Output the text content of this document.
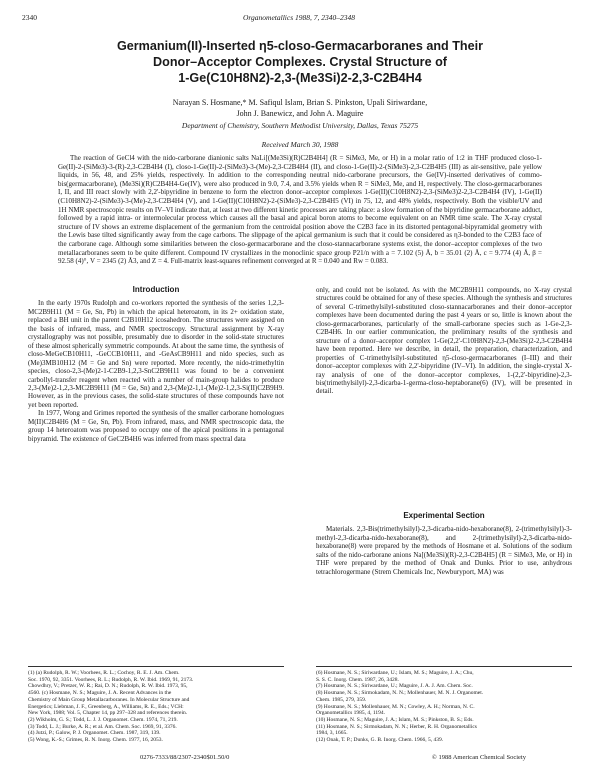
2340	Organometallics 1988, 7, 2340–2348
Germanium(II)-Inserted η5-closo-Germacarboranes and Their
Donor–Acceptor Complexes. Crystal Structure of
1-Ge(C10H8N2)-2,3-(Me3Si)2-2,3-C2B4H4
Narayan S. Hosmane,* M. Safiqul Islam, Brian S. Pinkston, Upali Siriwardane,
John J. Banewicz, and John A. Maguire
Department of Chemistry, Southern Methodist University, Dallas, Texas 75275
Received March 30, 1988
The reaction of GeCl4 with the nido-carborane dianionic salts NaLi[(Me3Si)(R)C2B4H4] (R = SiMe3, Me, or H) in a molar ratio of 1:2 in THF produced closo-1-Ge(II)-2-(SiMe3)-3-(R)-2,3-C2B4H4 (I), closo-1-Ge(II)-2-(SiMe3)-3-(Me)-2,3-C2B4H4 (II), and closo-1-Ge(II)-2-(SiMe3)-2,3-C2B4H5 (III) as air-sensitive, pale yellow liquids, in 56, 48, and 25% yields, respectively. In addition to the corresponding neutral nido-carborane precursors, the Ge(IV)-inserted derivatives of commo-bis(germacarborane), (Me3Si)(R)C2B4H4-Ge(IV), were also produced in 9.0, 7.4, and 3.5% yields when R = SiMe3, Me, and H, respectively. The closo-germacarboranes I, II, and III react slowly with 2,2'-bipyridine in benzene to form the electron donor–acceptor complexes 1-Ge(II)(C10H8N2)-2,3-(SiMe3)2-2,3-C2B4H4 (IV), 1-Ge(II)(C10H8N2)-2-(SiMe3)-3-(Me)-2,3-C2B4H4 (V), and 1-Ge(II)(C10H8N2)-2-(SiMe3)-2,3-C2B4H5 (VI) in 75, 12, and 48% yields, respectively. Both the visible/UV and 1H NMR spectroscopic results on IV–VI indicate that, at least at two different kinetic processes are taking place: a slow formation of the bipyridine germacarborane adduct, followed by a rapid intra- or intermolecular process which causes all the basal and apical boron atoms to become equivalent on an NMR time scale. The X-ray crystal structure of IV shows an extreme displacement of the germanium from the centroidal position above the C2B3 face in its distorted pentagonal-bipyramidal geometry with the Lewis base tilted significantly away from the cage carbons. The slippage of the apical germanium is such that it could be considered as η3-bonded to the C2B3 face of the carborane cage. Although some similarities between the closo-germacarborane and the closo-stannacarborane systems exist, the donor–acceptor complexes of the two metallacarboranes seem to be quite different. Compound IV crystallizes in the monoclinic space group P21/n with a = 7.102 (5) Å, b = 35.01 (2) Å, c = 9.774 (4) Å, β = 92.58 (4)°, V = 2345 (2) Å3, and Z = 4. Full-matrix least-squares refinement converged at R = 0.040 and Rw = 0.083.
Introduction

In the early 1970s Rudolph and co-workers reported the synthesis of the series 1,2,3-MC2B9H11 (M = Ge, Sn, Pb) in which the apical heteroatom, in its 2+ oxidation state, replaced a BH unit in the parent C2B10H12 icosahedron. The structures were assigned on the basis of infrared, mass, and NMR spectroscopy. Structural assignment by X-ray crystallography was not possible, presumably due to disorder in the solid-state structures of these almost spherically symmetric compounds. At about the same time, the synthesis of closo-MeGeCB10H11, -GeCCB10H11, and -GeAsCB9H11 and nido species, such as (Me)3MB10H12 (M = Ge and Sn) were reported. More recently, the nido-trimethyltin species, closo-2,3-(Me)2-1-C2B9-1,2,3-SnC2B9H11 was found to be a convenient carbollyl-transfer reagent when reacted with a number of main-group halides to produce 2,3-(Me)2-1,2,3-MC2B9H11 (M = Ge, Sn) and 2,3-(Me)2-1,1-(Me)2-1,2,3-Si(II)C2B9H9. However, as in the previous cases, the solid-state structures of these compounds have not yet been reported.

In 1977, Wong and Grimes reported the synthesis of the smaller carborane homologues M(II)C2B4H6 (M = Ge, Sn, Pb). From infrared, mass, and NMR spectroscopic data, the group 14 heteroatom was proposed to occupy one of the apical positions in a pentagonal bipyramid. The existence of GeC2B4H6 was inferred from mass spectral data

only, and could not be isolated. As with the MC2B9H11 compounds, no X-ray crystal structures could be obtained for any of these species. Although the synthesis and structures of several C-trimethylsilyl-substituted closo-stannacarboranes and their donor–acceptor complexes have been documented during the past 4 years or so, little is known about the closo-germacarboranes, particularly of the small-carborane species such as 1-Ge-2,3-C2B4H6. In our earlier communication, the preliminary results of the synthesis and structure of a donor–acceptor complex 1-Ge(2,2'-C10H8N2)-2,3-(Me3Si)2-2,3-C2B4H4 have been reported. Here we describe, in detail, the preparation, characterization, and properties of C-trimethylsilyl-substituted η5-closo-germacarboranes (I–III) and their donor–acceptor complexes with 2,2'-bipyridine (IV–VI). In addition, the single-crystal X-ray analysis of one of the donor–acceptor complexes, 1-(2,2'-bipyridine)-2,3-bis(trimethylsilyl)-2,3-dicarba-1-germa-closo-heptaborane(6) (IV), will be presented in detail.

Experimental Section

Materials. 2,3-Bis(trimethylsilyl)-2,3-dicarba-nido-hexaborane(8), 2-(trimethylsilyl)-3-methyl-2,3-dicarba-nido-hexaborane(8), and 2-(trimethylsilyl)-2,3-dicarba-nido-hexaborane(8) were prepared by the methods of Hosmane et al. Solutions of the sodium salts of the nido-carborane anions Na[(Me3Si)(R)-2,3-C2B4H5] (R = SiMe3, Me, or H) in THF were prepared by the method of Onak and Dunks. Prior to use, anhydrous tetrachlorogermane (Strem Chemicals Inc, Newburyport, MA) was

(1) (a) Rudolph, R. W.; Voorhees, R. L.; Cochoy, R. E. J. Am. Chem.
Soc. 1970, 92, 3351. Voorhees, R. L.; Rudolph, R. W. Ibid. 1969, 91, 2173.
Chowdhry, V.; Pretzer, W. R.; Rai, D. N.; Rudolph, R. W. Ibid. 1973, 95,
4560. (c) Hosmane, N. S.; Maguire, J. A. Recent Advances in the
Chemistry of Main Group Metallacarboranes. In Molecular Structure and
Energetics; Liebman, J. F., Greenberg, A., Williams, R. E., Eds.; VCH:
New York, 1988; Vol. 5, Chapter 14, pp 297–328 and references therein.
(2) Wikholm, G. S.; Todd, L. J. J. Organomet. Chem. 1974, 71, 219.
(3) Todd, L. J.; Burke, A. R.; et al. Am. Chem. Soc. 1969, 91, 3376.
(4) Jutzi, P.; Galow, P. J. Organomet. Chem. 1987, 319, 139.
(5) Wong, K.-S.; Grimes, R. N. Inorg. Chem. 1977, 16, 2053.
(6) Hosmane, N. S.; Siriwardane, U.; Islam, M. S.; Maguire, J. A.; Chu,
S. S. C. Inorg. Chem. 1987, 26, 3428.
(7) Hosmane, N. S.; Siriwardane, U.; Maguire, J. A. J. Am. Chem. Soc.
(8) Hosmane, N. S.; Sirmokadam, N. N.; Mollenhauer, M. N. J. Organomet.
Chem. 1985, 279, 359.
(9) Hosmane, N. S.; Mollenhauer, M. N.; Cowley, A. H.; Norman, N. C.
Organometallics 1985, 4, 1194.
(10) Hosmane, N. S.; Maguire, J. A.; Islam, M. S.; Pinkston, B. S.; Eds.
(11) Hosmane, N. S.; Sirmokadam, N. N.; Herber, R. H. Organometallics
1984, 3, 1665.
(12) Onak, T. P.; Dunks, G. B. Inorg. Chem. 1966, 5, 439.
0276-7333/88/2307-2340$01.50/0	© 1988 American Chemical Society
